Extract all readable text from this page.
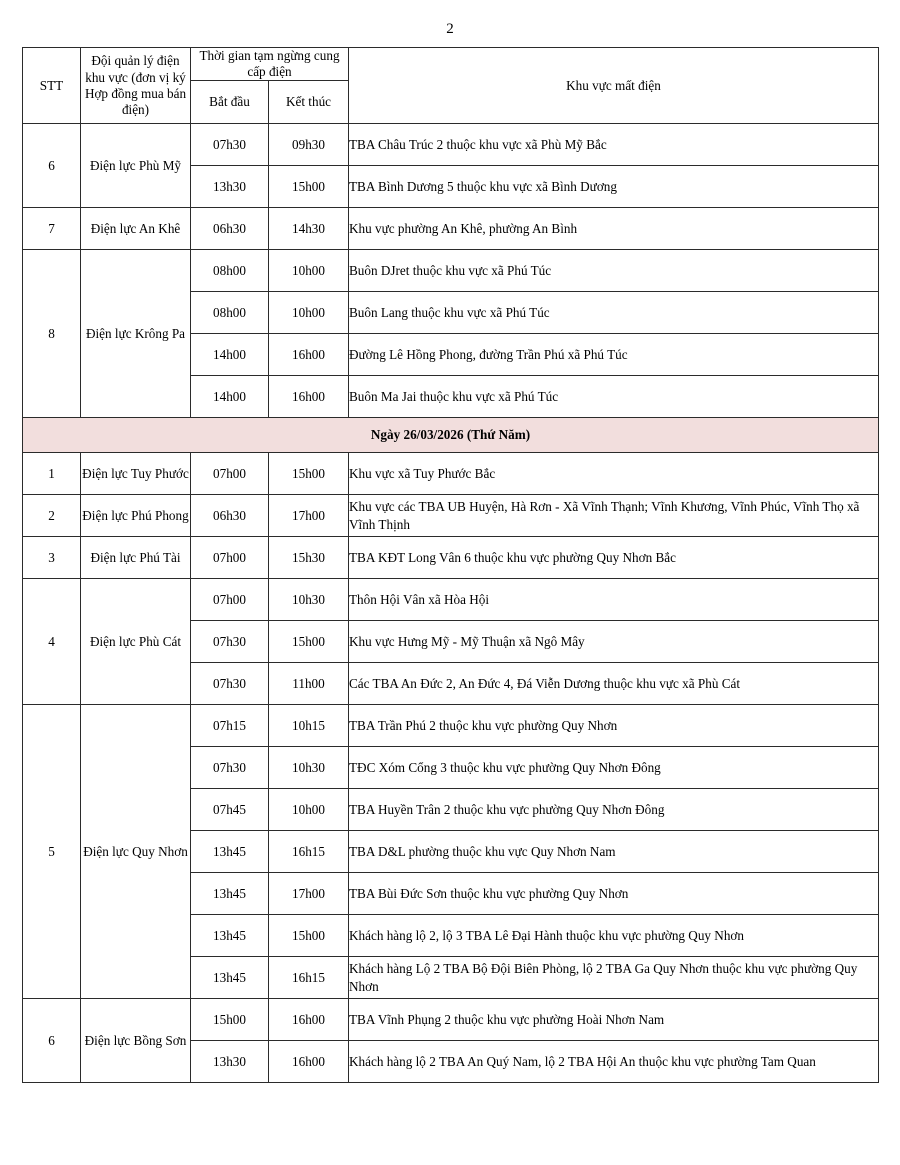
2
STT	Đội quản lý điện khu vực (đơn vị ký Hợp đồng mua bán điện)	Thời gian tạm ngừng cung cấp điện		Khu vực mất điện
		Bắt đầu	Kết thúc	
6	Điện lực Phù Mỹ	07h30	09h30	TBA Châu Trúc 2 thuộc khu vực xã Phù Mỹ Bắc
		13h30	15h00	TBA Bình Dương 5 thuộc khu vực xã Bình Dương
7	Điện lực An Khê	06h30	14h30	Khu vực phường An Khê, phường An Bình
8	Điện lực Krông Pa	08h00	10h00	Buôn DJret thuộc khu vực xã Phú Túc
		08h00	10h00	Buôn Lang thuộc khu vực xã Phú Túc
		14h00	16h00	Đường Lê Hồng Phong, đường Trần Phú xã Phú Túc
		14h00	16h00	Buôn Ma Jai thuộc khu vực xã Phú Túc
Ngày 26/03/2026 (Thứ Năm)				
1	Điện lực Tuy Phước	07h00	15h00	Khu vực xã Tuy Phước Bắc
2	Điện lực Phú Phong	06h30	17h00	Khu vực các TBA UB Huyện, Hà Rơn - Xã Vĩnh Thạnh; Vĩnh Khương, Vĩnh Phúc, Vĩnh Thọ xã Vĩnh Thịnh
3	Điện lực Phú Tài	07h00	15h30	TBA KĐT Long Vân 6 thuộc khu vực phường Quy Nhơn Bắc
4	Điện lực Phù Cát	07h00	10h30	Thôn Hội Vân xã Hòa Hội
		07h30	15h00	Khu vực Hưng Mỹ - Mỹ Thuận xã Ngô Mây
		07h30	11h00	Các TBA An Đức 2, An Đức 4, Đá Viễn Dương thuộc khu vực xã Phù Cát
5	Điện lực Quy Nhơn	07h15	10h15	TBA Trần Phú 2 thuộc khu vực phường Quy Nhơn
		07h30	10h30	TĐC Xóm Cổng 3 thuộc khu vực phường Quy Nhơn Đông
		07h45	10h00	TBA Huyền Trân 2 thuộc khu vực phường Quy Nhơn Đông
		13h45	16h15	TBA D&L phường thuộc khu vực Quy Nhơn Nam
		13h45	17h00	TBA Bùi Đức Sơn thuộc khu vực phường Quy Nhơn
		13h45	15h00	Khách hàng lộ 2, lộ 3 TBA Lê Đại Hành thuộc khu vực phường Quy Nhơn
		13h45	16h15	Khách hàng Lộ 2 TBA Bộ Đội Biên Phòng, lộ 2 TBA Ga Quy Nhơn thuộc khu vực phường Quy Nhơn
6	Điện lực Bồng Sơn	15h00	16h00	TBA Vĩnh Phụng 2 thuộc khu vực phường Hoài Nhơn Nam
		13h30	16h00	Khách hàng lộ 2 TBA An Quý Nam, lộ 2 TBA Hội An thuộc khu vực phường Tam Quan
